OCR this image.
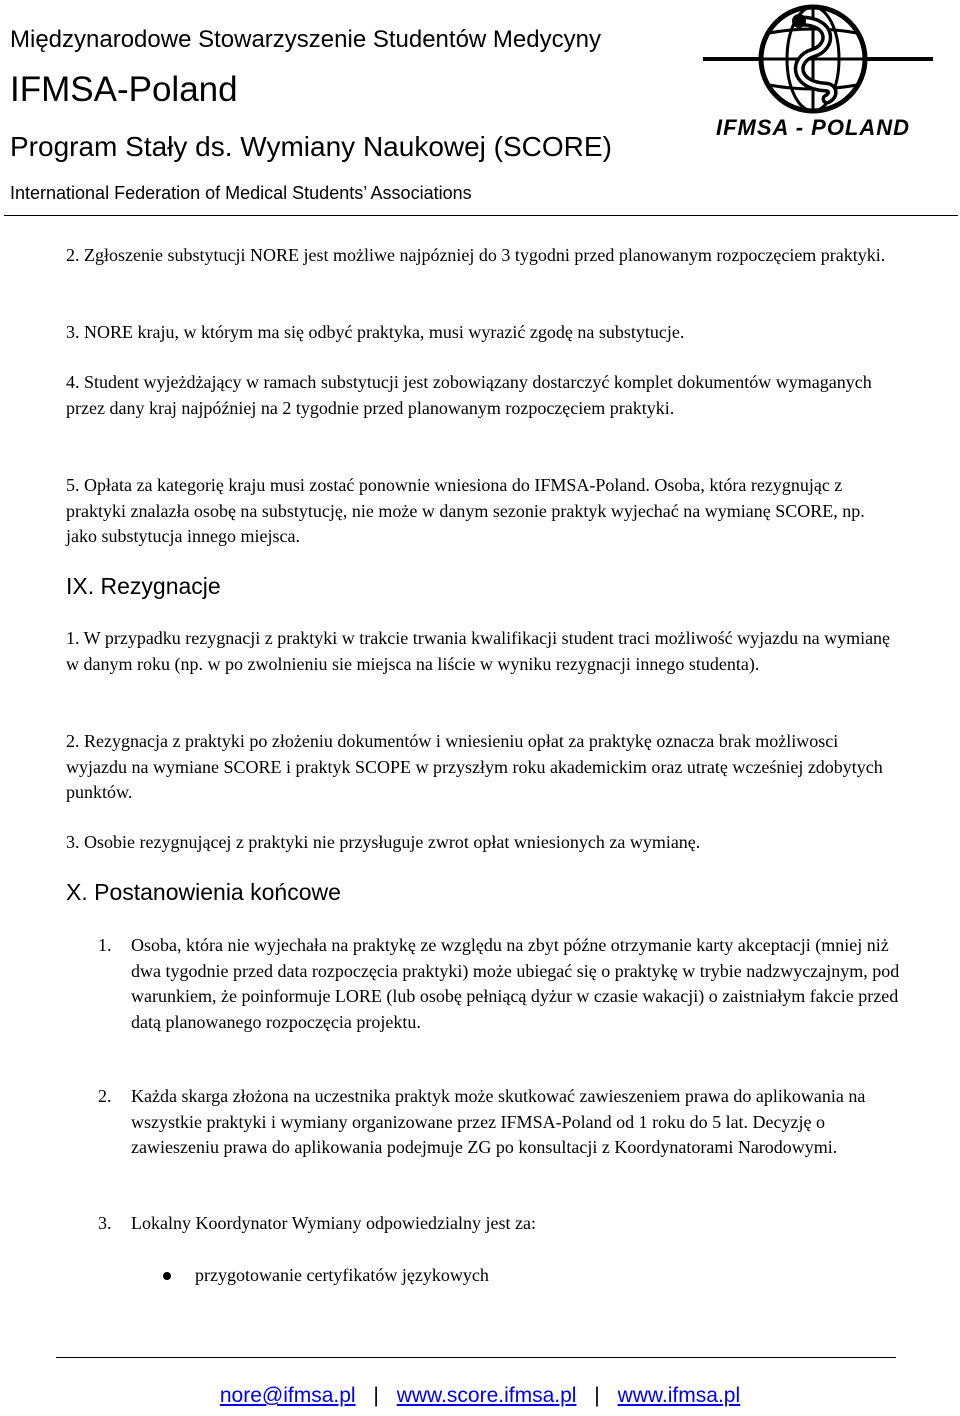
Międzynarodowe Stowarzyszenie Studentów Medycyny
IFMSA-Poland
Program Stały ds. Wymiany Naukowej (SCORE)
International Federation of Medical Students’ Associations
IFMSA - POLAND
2. Zgłoszenie substytucji NORE jest możliwe najpózniej do 3 tygodni przed planowanym rozpoczęciem praktyki.
3. NORE kraju, w którym ma się odbyć praktyka, musi wyrazić zgodę na substytucje.
4. Student wyjeżdżający w ramach substytucji jest zobowiązany dostarczyć komplet dokumentów wymaganych przez dany kraj najpóźniej na 2 tygodnie przed planowanym rozpoczęciem praktyki.
5. Opłata za kategorię kraju musi zostać ponownie wniesiona do IFMSA-Poland. Osoba, która rezygnując z praktyki znalazła osobę na substytucję, nie może w danym sezonie praktyk wyjechać na wymianę SCORE, np. jako substytucja innego miejsca.
IX. Rezygnacje
1. W przypadku rezygnacji z praktyki w trakcie trwania kwalifikacji student traci możliwość wyjazdu na wymianę w danym roku (np. w po zwolnieniu sie miejsca na liście w wyniku rezygnacji innego studenta).
2. Rezygnacja z praktyki po złożeniu dokumentów i wniesieniu opłat za praktykę oznacza brak możliwosci wyjazdu na wymiane SCORE i praktyk SCOPE w przyszłym roku akademickim oraz utratę wcześniej zdobytych punktów.
3. Osobie rezygnującej z praktyki nie przysługuje zwrot opłat wniesionych za wymianę.
X. Postanowienia końcowe
1. Osoba, która nie wyjechała na praktykę ze względu na zbyt późne otrzymanie karty akceptacji (mniej niż dwa tygodnie przed data rozpoczęcia praktyki) może ubiegać się o praktykę w trybie nadzwyczajnym, pod warunkiem, że poinformuje LORE (lub osobę pełniącą dyżur w czasie wakacji) o zaistniałym fakcie przed datą planowanego rozpoczęcia projektu.
2. Każda skarga złożona na uczestnika praktyk może skutkować zawieszeniem prawa do aplikowania na wszystkie praktyki i wymiany organizowane przez IFMSA-Poland od 1 roku do 5 lat. Decyzję o zawieszeniu prawa do aplikowania podejmuje ZG po konsultacji z Koordynatorami Narodowymi.
3. Lokalny Koordynator Wymiany odpowiedzialny jest za:
przygotowanie certyfikatów językowych
nore@ifmsa.pl | www.score.ifmsa.pl | www.ifmsa.pl
